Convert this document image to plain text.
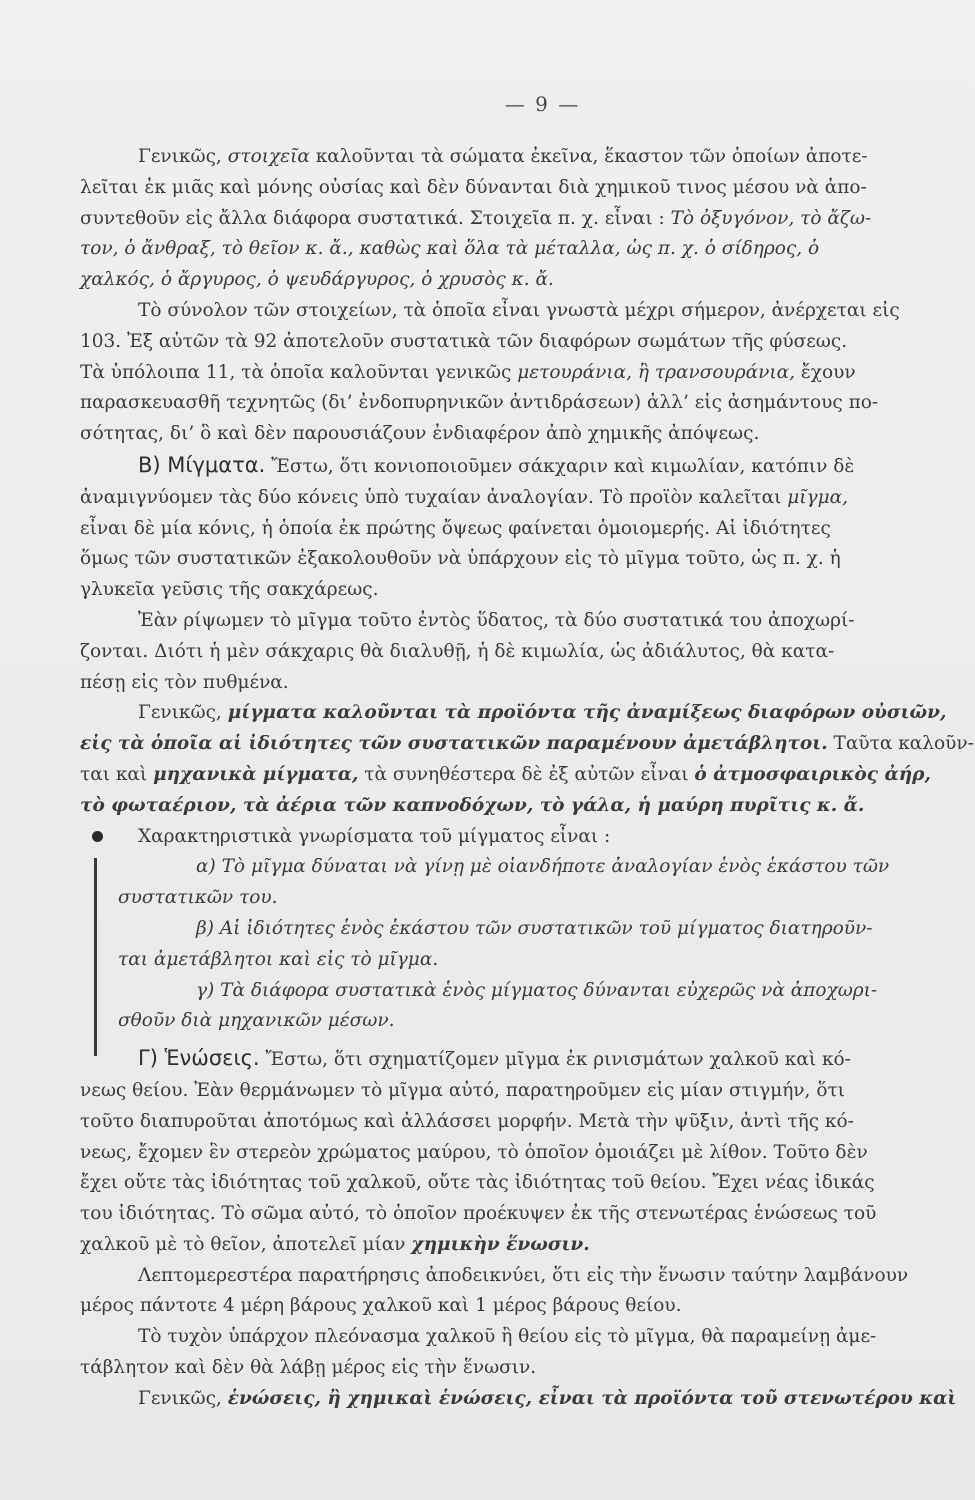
— 9 —

Γενικῶς, στοιχεῖα καλοῦνται τὰ σώματα ἐκεῖνα, ἕκαστον τῶν ὁποίων ἀποτε-

λεῖται ἐκ μιᾶς καὶ μόνης οὐσίας καὶ δὲν δύνανται διὰ χημικοῦ τινος μέσου νὰ ἀπο-

συντεθοῦν εἰς ἄλλα διάφορα συστατικά. Στοιχεῖα π. χ. εἶναι : Τὸ ὀξυγόνον, τὸ ἄζω-

τον, ὁ ἄνθραξ, τὸ θεῖον κ. ἄ., καθὼς καὶ ὅλα τὰ μέταλλα, ὡς π. χ. ὁ σίδηρος, ὁ

χαλκός, ὁ ἄργυρος, ὁ ψευδάργυρος, ὁ χρυσὸς κ. ἄ.

Τὸ σύνολον τῶν στοιχείων, τὰ ὁποῖα εἶναι γνωστὰ μέχρι σήμερον, ἀνέρχεται εἰς

103. Ἐξ αὐτῶν τὰ 92 ἀποτελοῦν συστατικὰ τῶν διαφόρων σωμάτων τῆς φύσεως.

Τὰ ὑπόλοιπα 11, τὰ ὁποῖα καλοῦνται γενικῶς μετουράνια, ἢ τρανσουράνια, ἔχουν

παρασκευασθῆ τεχνητῶς (δι’ ἐνδοπυρηνικῶν ἀντιδράσεων) ἀλλ’ εἰς ἀσημάντους πο-

σότητας, δι’ ὃ καὶ δὲν παρουσιάζουν ἐνδιαφέρον ἀπὸ χημικῆς ἀπόψεως.

Β) Μίγματα. Ἔστω, ὅτι κονιοποιοῦμεν σάκχαριν καὶ κιμωλίαν, κατόπιν δὲ

ἀναμιγνύομεν τὰς δύο κόνεις ὑπὸ τυχαίαν ἀναλογίαν. Τὸ προϊὸν καλεῖται μῖγμα,

εἶναι δὲ μία κόνις, ἡ ὁποία ἐκ πρώτης ὄψεως φαίνεται ὁμοιομερής. Αἱ ἰδιότητες

ὅμως τῶν συστατικῶν ἐξακολουθοῦν νὰ ὑπάρχουν εἰς τὸ μῖγμα τοῦτο, ὡς π. χ. ἡ

γλυκεῖα γεῦσις τῆς σακχάρεως.

Ἐὰν ρίψωμεν τὸ μῖγμα τοῦτο ἐντὸς ὕδατος, τὰ δύο συστατικά του ἀποχωρί-

ζονται. Διότι ἡ μὲν σάκχαρις θὰ διαλυθῇ, ἡ δὲ κιμωλία, ὡς ἀδιάλυτος, θὰ κατα-

πέσῃ εἰς τὸν πυθμένα.

Γενικῶς, μίγματα καλοῦνται τὰ προϊόντα τῆς ἀναμίξεως διαφόρων οὐσιῶν,

εἰς τὰ ὁποῖα αἱ ἰδιότητες τῶν συστατικῶν παραμένουν ἀμετάβλητοι. Ταῦτα καλοῦν-

ται καὶ μηχανικὰ μίγματα, τὰ συνηθέστερα δὲ ἐξ αὐτῶν εἶναι ὁ ἀτμοσφαιρικὸς ἀήρ,

τὸ φωταέριον, τὰ ἀέρια τῶν καπνοδόχων, τὸ γάλα, ἡ μαύρη πυρῖτις κ. ἄ.

Χαρακτηριστικὰ γνωρίσματα τοῦ μίγματος εἶναι :

α) Τὸ μῖγμα δύναται νὰ γίνῃ μὲ οἱανδήποτε ἀναλογίαν ἑνὸς ἑκάστου τῶν

συστατικῶν του.

β) Αἱ ἰδιότητες ἑνὸς ἑκάστου τῶν συστατικῶν τοῦ μίγματος διατηροῦν-

ται ἀμετάβλητοι καὶ εἰς τὸ μῖγμα.

γ) Τὰ διάφορα συστατικὰ ἑνὸς μίγματος δύνανται εὐχερῶς νὰ ἀποχωρι-

σθοῦν διὰ μηχανικῶν μέσων.

Γ) Ἑνώσεις. Ἔστω, ὅτι σχηματίζομεν μῖγμα ἐκ ρινισμάτων χαλκοῦ καὶ κό-

νεως θείου. Ἐὰν θερμάνωμεν τὸ μῖγμα αὐτό, παρατηροῦμεν εἰς μίαν στιγμήν, ὅτι

τοῦτο διαπυροῦται ἀποτόμως καὶ ἀλλάσσει μορφήν. Μετὰ τὴν ψῦξιν, ἀντὶ τῆς κό-

νεως, ἔχομεν ἓν στερεὸν χρώματος μαύρου, τὸ ὁποῖον ὁμοιάζει μὲ λίθον. Τοῦτο δὲν

ἔχει οὔτε τὰς ἰδιότητας τοῦ χαλκοῦ, οὔτε τὰς ἰδιότητας τοῦ θείου. Ἔχει νέας ἰδικάς

του ἰδιότητας. Τὸ σῶμα αὐτό, τὸ ὁποῖον προέκυψεν ἐκ τῆς στενωτέρας ἑνώσεως τοῦ

χαλκοῦ μὲ τὸ θεῖον, ἀποτελεῖ μίαν χημικὴν ἕνωσιν.

Λεπτομερεστέρα παρατήρησις ἀποδεικνύει, ὅτι εἰς τὴν ἕνωσιν ταύτην λαμβάνουν

μέρος πάντοτε 4 μέρη βάρους χαλκοῦ καὶ 1 μέρος βάρους θείου.

Τὸ τυχὸν ὑπάρχον πλεόνασμα χαλκοῦ ἢ θείου εἰς τὸ μῖγμα, θὰ παραμείνῃ ἀμε-

τάβλητον καὶ δὲν θὰ λάβῃ μέρος εἰς τὴν ἕνωσιν.

Γενικῶς, ἑνώσεις, ἢ χημικαὶ ἑνώσεις, εἶναι τὰ προϊόντα τοῦ στενωτέρου καὶ
